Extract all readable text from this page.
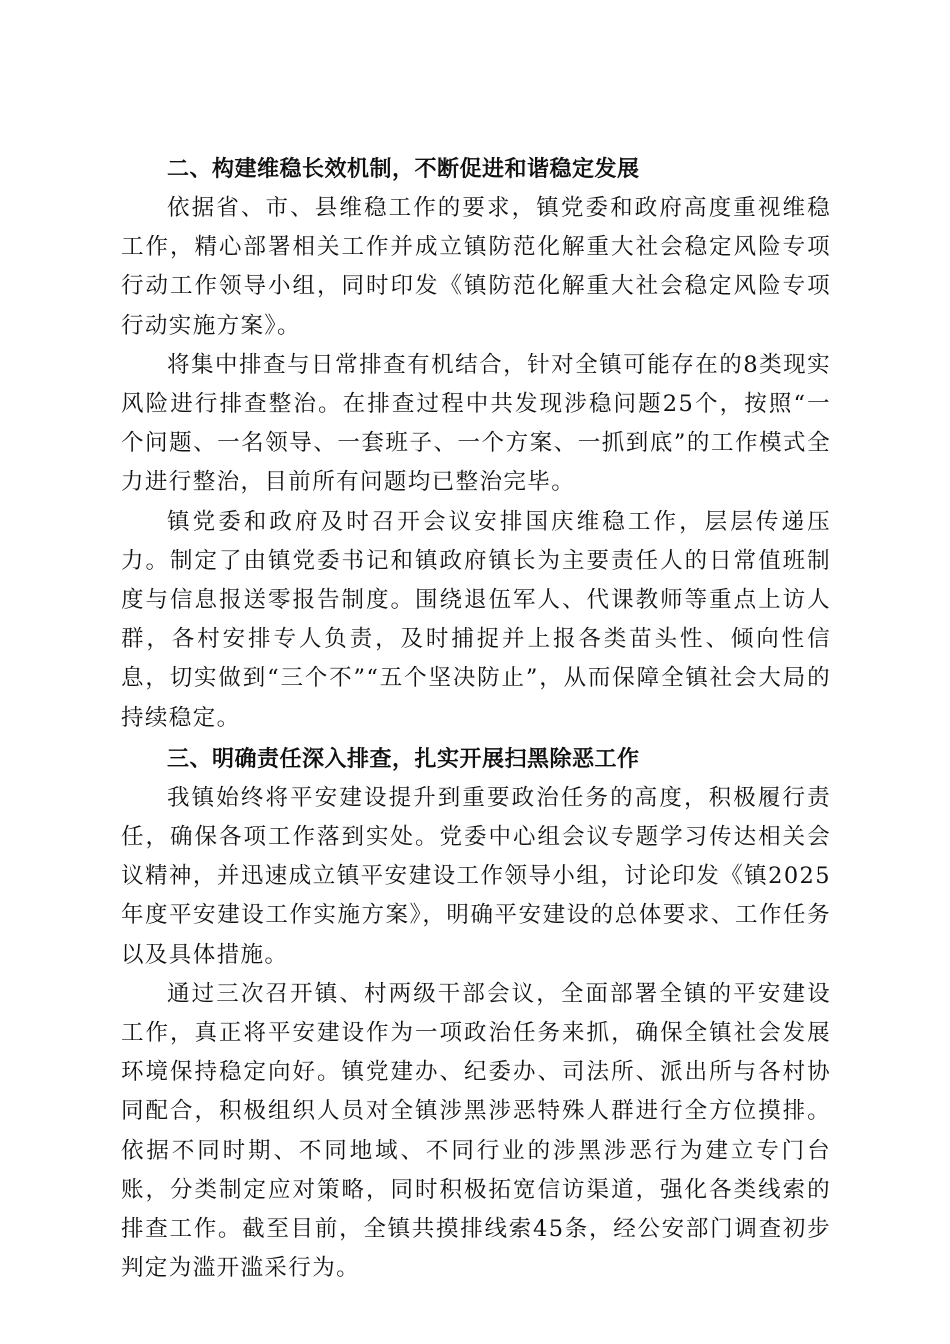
二、构建维稳长效机制，不断促进和谐稳定发展

依据省、市、县维稳工作的要求，镇党委和政府高度重视维稳工作，精心部署相关工作并成立镇防范化解重大社会稳定风险专项行动工作领导小组，同时印发《镇防范化解重大社会稳定风险专项行动实施方案》。

将集中排查与日常排查有机结合，针对全镇可能存在的8类现实风险进行排查整治。在排查过程中共发现涉稳问题25个，按照“一个问题、一名领导、一套班子、一个方案、一抓到底”的工作模式全力进行整治，目前所有问题均已整治完毕。

镇党委和政府及时召开会议安排国庆维稳工作，层层传递压力。制定了由镇党委书记和镇政府镇长为主要责任人的日常值班制度与信息报送零报告制度。围绕退伍军人、代课教师等重点上访人群，各村安排专人负责，及时捕捉并上报各类苗头性、倾向性信息，切实做到“三个不”“五个坚决防止”，从而保障全镇社会大局的持续稳定。

三、明确责任深入排查，扎实开展扫黑除恶工作

我镇始终将平安建设提升到重要政治任务的高度，积极履行责任，确保各项工作落到实处。党委中心组会议专题学习传达相关会议精神，并迅速成立镇平安建设工作领导小组，讨论印发《镇2025年度平安建设工作实施方案》，明确平安建设的总体要求、工作任务以及具体措施。

通过三次召开镇、村两级干部会议，全面部署全镇的平安建设工作，真正将平安建设作为一项政治任务来抓，确保全镇社会发展环境保持稳定向好。镇党建办、纪委办、司法所、派出所与各村协同配合，积极组织人员对全镇涉黑涉恶特殊人群进行全方位摸排。依据不同时期、不同地域、不同行业的涉黑涉恶行为建立专门台账，分类制定应对策略，同时积极拓宽信访渠道，强化各类线索的排查工作。截至目前，全镇共摸排线索45条，经公安部门调查初步判定为滥开滥采行为。
